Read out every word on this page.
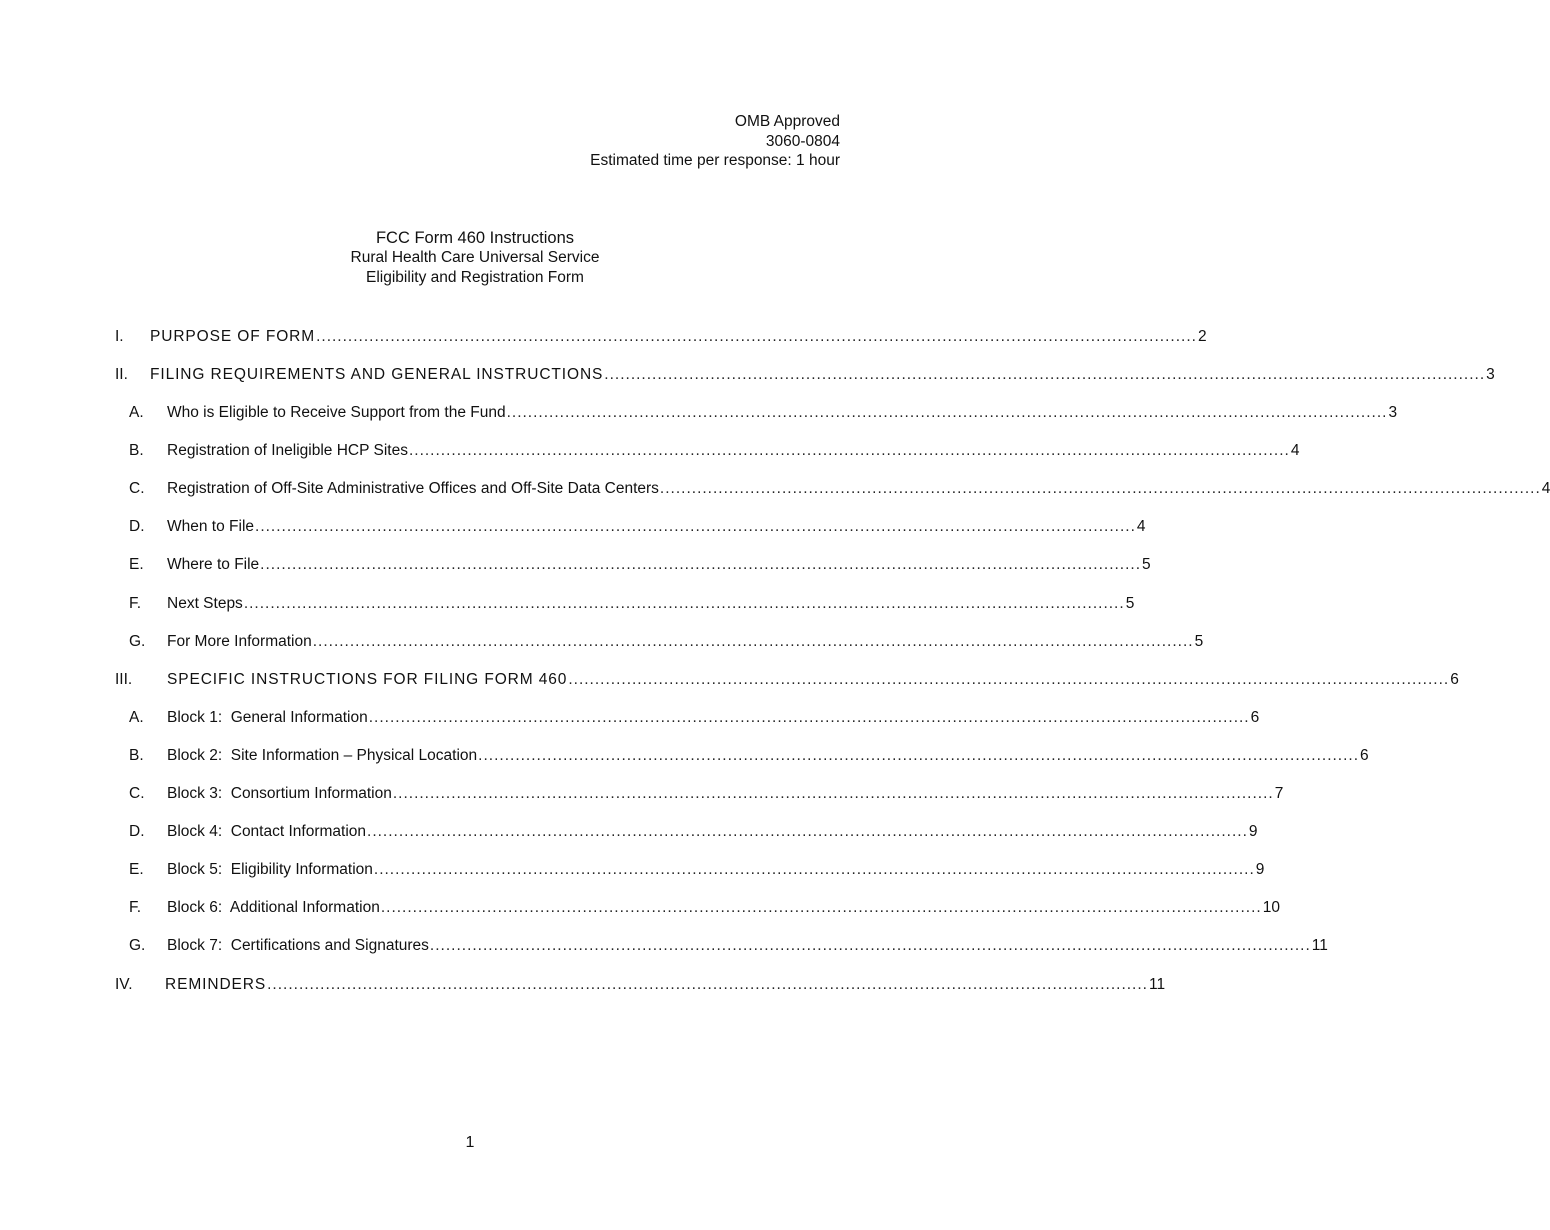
OMB Approved
3060-0804
Estimated time per response: 1 hour
FCC Form 460 Instructions
Rural Health Care Universal Service
Eligibility and Registration Form
I. PURPOSE OF FORM ...................................................................................................................................................................... 2
II. FILING REQUIREMENTS AND GENERAL INSTRUCTIONS ...................................................................................................................................................................... 3
A. Who is Eligible to Receive Support from the Fund ...................................................................................................................................................................... 3
B. Registration of Ineligible HCP Sites ...................................................................................................................................................................... 4
C. Registration of Off-Site Administrative Offices and Off-Site Data Centers ...................................................................................................................................................................... 4
D. When to File ...................................................................................................................................................................... 4
E. Where to File ...................................................................................................................................................................... 5
F. Next Steps ...................................................................................................................................................................... 5
G. For More Information ...................................................................................................................................................................... 5
III. SPECIFIC INSTRUCTIONS FOR FILING FORM 460 ...................................................................................................................................................................... 6
A. Block 1:  General Information ...................................................................................................................................................................... 6
B. Block 2:  Site Information – Physical Location ...................................................................................................................................................................... 6
C. Block 3:  Consortium Information ...................................................................................................................................................................... 7
D. Block 4:  Contact Information ...................................................................................................................................................................... 9
E. Block 5:  Eligibility Information ...................................................................................................................................................................... 9
F. Block 6:  Additional Information ...................................................................................................................................................................... 10
G. Block 7:  Certifications and Signatures ...................................................................................................................................................................... 11
IV. REMINDERS ...................................................................................................................................................................... 11
1
